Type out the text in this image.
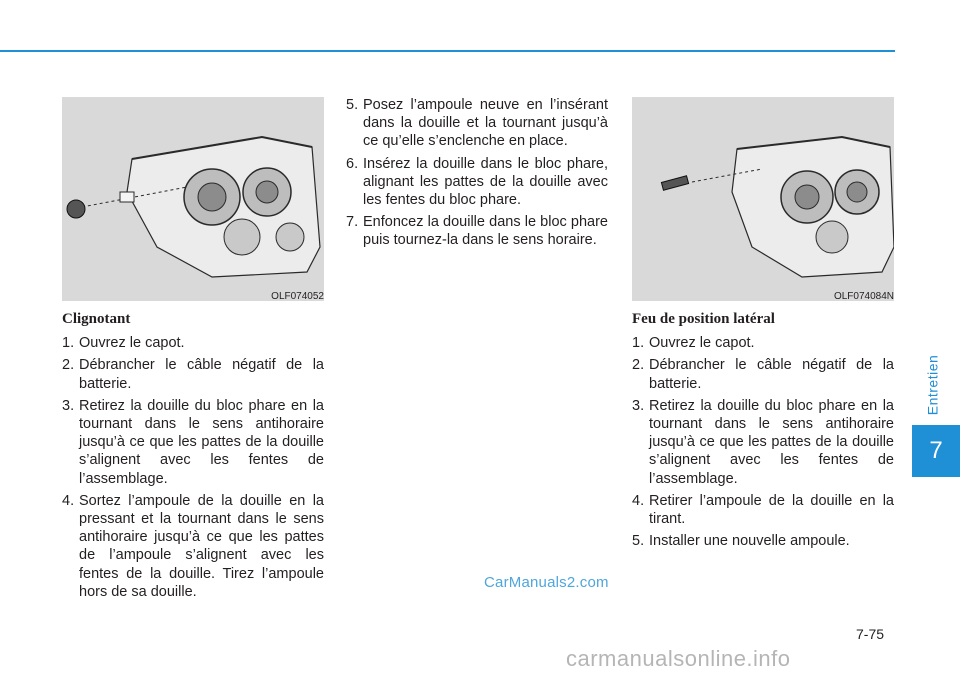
Entretien
7
OLF074052	OLF074084N
Clignotant
1. Ouvrez le capot.
2. Débrancher le câble négatif de la batterie.
3. Retirez la douille du bloc phare en la tournant dans le sens antihoraire jusqu’à ce que les pattes de la douille s’alignent avec les fentes de l’assemblage.
4. Sortez l’ampoule de la douille en la pressant et la tournant dans le sens antihoraire jusqu’à ce que les pattes de l’ampoule s’alignent avec les fentes de la douille. Tirez l’ampoule hors de sa douille.
5. Posez l’ampoule neuve en l’insérant dans la douille et la tournant jusqu’à ce qu’elle s’enclenche en place.
6. Insérez la douille dans le bloc phare, alignant les pattes de la douille avec les fentes du bloc phare.
7. Enfoncez la douille dans le bloc phare puis tournez-la dans le sens horaire.
Feu de position latéral
1. Ouvrez le capot.
2. Débrancher le câble négatif de la batterie.
3. Retirez la douille du bloc phare en la tournant dans le sens antihoraire jusqu’à ce que les pattes de la douille s’alignent avec les fentes de l’assemblage.
4. Retirer l’ampoule de la douille en la tirant.
5. Installer une nouvelle ampoule.
CarManuals2.com
7-75
carmanualsonline.info
